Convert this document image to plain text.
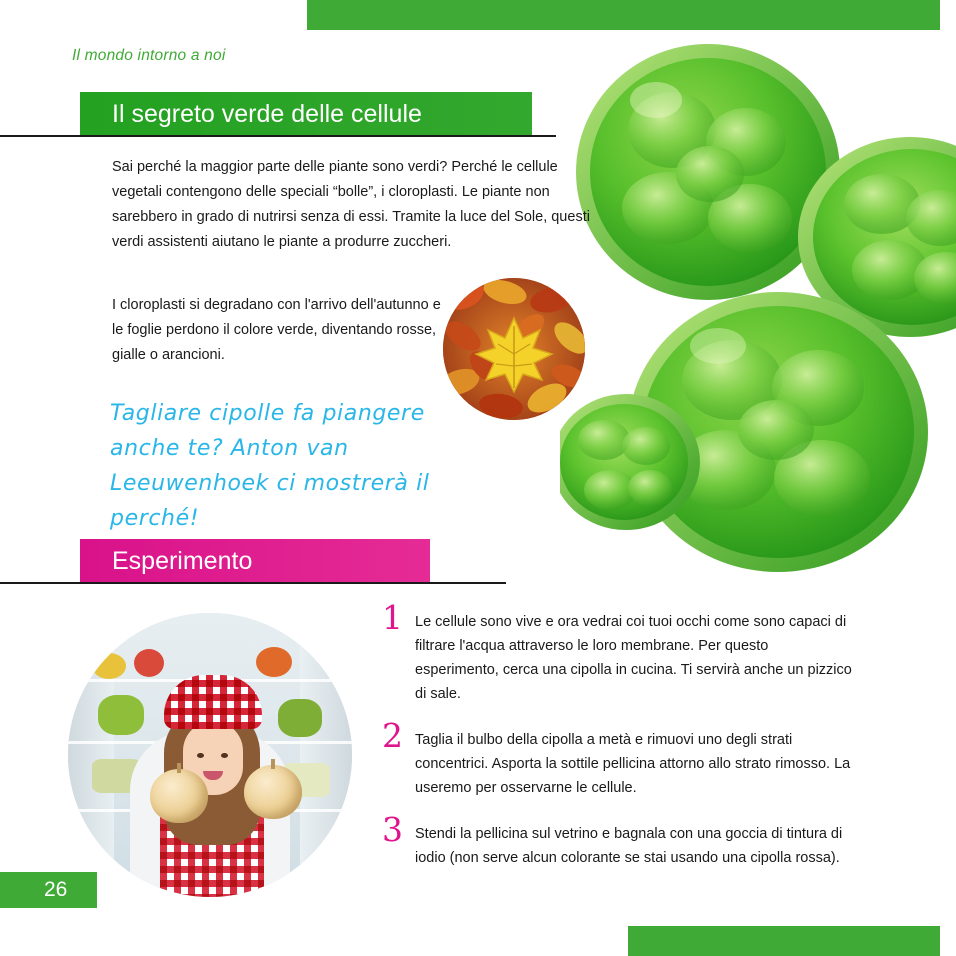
Il mondo intorno a noi
Il segreto verde delle cellule
Sai perché la maggior parte delle piante sono verdi? Perché le cellule vegetali contengono delle speciali “bolle”, i cloroplasti. Le piante non sarebbero in grado di nutrirsi senza di essi. Tramite la luce del Sole, questi verdi assistenti aiutano le piante a produrre zuccheri.
I cloroplasti si degradano con l'arrivo dell'autunno e le foglie perdono il colore verde, diventando rosse, gialle o arancioni.
Tagliare cipolle fa piangere anche te? Anton van Leeuwenhoek ci mostrerà il perché!
Esperimento
1 Le cellule sono vive e ora vedrai coi tuoi occhi come sono capaci di filtrare l'acqua attraverso le loro membrane. Per questo esperimento, cerca una cipolla in cucina. Ti servirà anche un pizzico di sale.
2 Taglia il bulbo della cipolla a metà e rimuovi uno degli strati concentrici. Asporta la sottile pellicina attorno allo strato rimosso. La useremo per osservarne le cellule.
3 Stendi la pellicina sul vetrino e bagnala con una goccia di tintura di iodio (non serve alcun colorante se stai usando una cipolla rossa).
26
